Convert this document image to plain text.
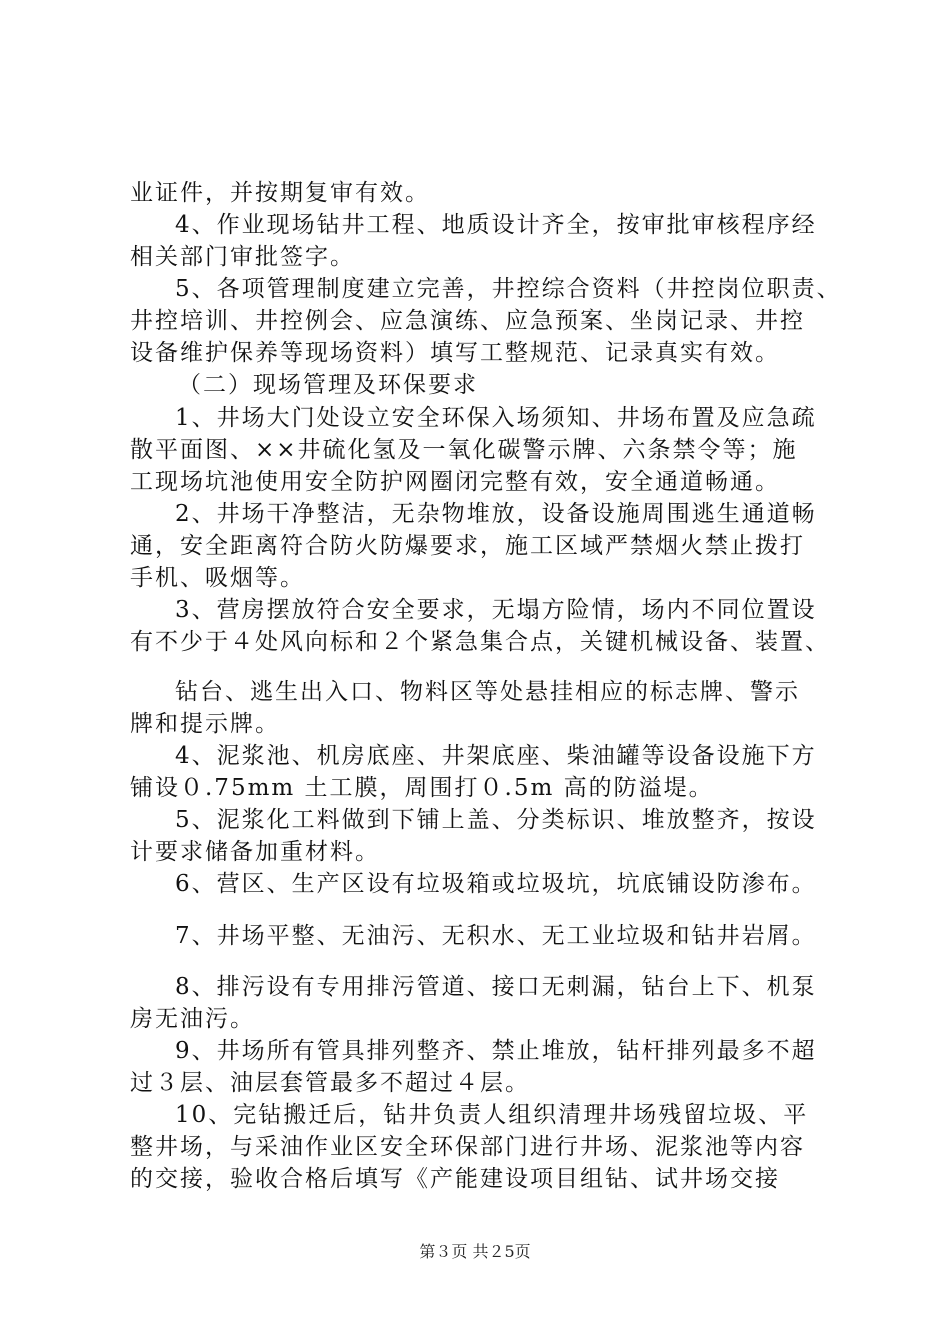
业证件，并按期复审有效。

4、作业现场钻井工程、地质设计齐全，按审批审核程序经

相关部门审批签字。

5、各项管理制度建立完善，井控综合资料（井控岗位职责、

井控培训、井控例会、应急演练、应急预案、坐岗记录、井控

设备维护保养等现场资料）填写工整规范、记录真实有效。

（二）现场管理及环保要求

1、井场大门处设立安全环保入场须知、井场布置及应急疏

散平面图、××井硫化氢及一氧化碳警示牌、六条禁令等；施

工现场坑池使用安全防护网圈闭完整有效，安全通道畅通。

2、井场干净整洁，无杂物堆放，设备设施周围逃生通道畅

通，安全距离符合防火防爆要求，施工区域严禁烟火禁止拨打

手机、吸烟等。

3、营房摆放符合安全要求，无塌方险情，场内不同位置设

有不少于４处风向标和２个紧急集合点，关键机械设备、装置、

钻台、逃生出入口、物料区等处悬挂相应的标志牌、警示

牌和提示牌。

4、泥浆池、机房底座、井架底座、柴油罐等设备设施下方

铺设０.75mm 土工膜，周围打０.5m 高的防溢堤。

5、泥浆化工料做到下铺上盖、分类标识、堆放整齐，按设

计要求储备加重材料。

6、营区、生产区设有垃圾箱或垃圾坑，坑底铺设防渗布。

7、井场平整、无油污、无积水、无工业垃圾和钻井岩屑。

8、排污设有专用排污管道、接口无刺漏，钻台上下、机泵

房无油污。

9、井场所有管具排列整齐、禁止堆放，钻杆排列最多不超

过３层、油层套管最多不超过４层。

10、完钻搬迁后，钻井负责人组织清理井场残留垃圾、平

整井场，与采油作业区安全环保部门进行井场、泥浆池等内容

的交接，验收合格后填写《产能建设项目组钻、试井场交接

第３页 共２5页
